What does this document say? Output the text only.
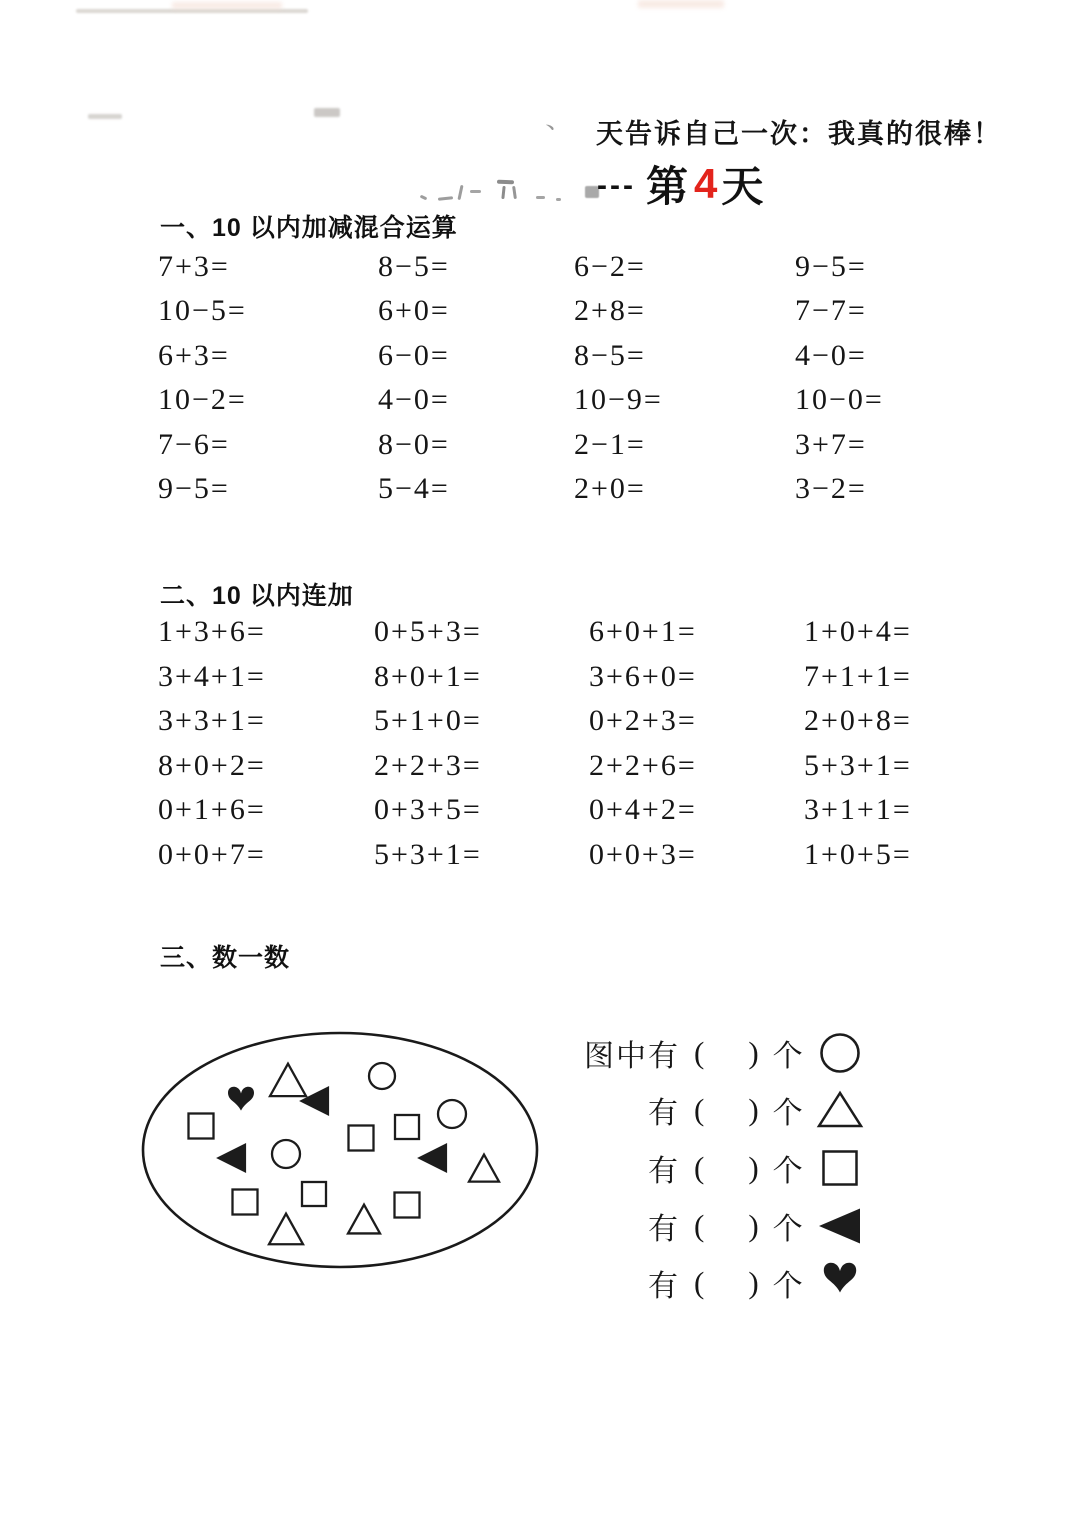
、 天告诉自己一次：我真的很棒！
--- 第 4 天
一、10 以内加减混合运算
7+3=	8−5=	6−2=	9−5=
10−5=	6+0=	2+8=	7−7=
6+3=	6−0=	8−5=	4−0=
10−2=	4−0=	10−9=	10−0=
7−6=	8−0=	2−1=	3+7=
9−5=	5−4=	2+0=	3−2=
二、10 以内连加
1+3+6=	0+5+3=	6+0+1=	1+0+4=
3+4+1=	8+0+1=	3+6+0=	7+1+1=
3+3+1=	5+1+0=	0+2+3=	2+0+8=
8+0+2=	2+2+3=	2+2+6=	5+3+1=
0+1+6=	0+3+5=	0+4+2=	3+1+1=
0+0+7=	5+3+1=	0+0+3=	1+0+5=
三、数一数
图中有 ( ) 个
有 ( ) 个
有 ( ) 个
有 ( ) 个
有 ( ) 个
